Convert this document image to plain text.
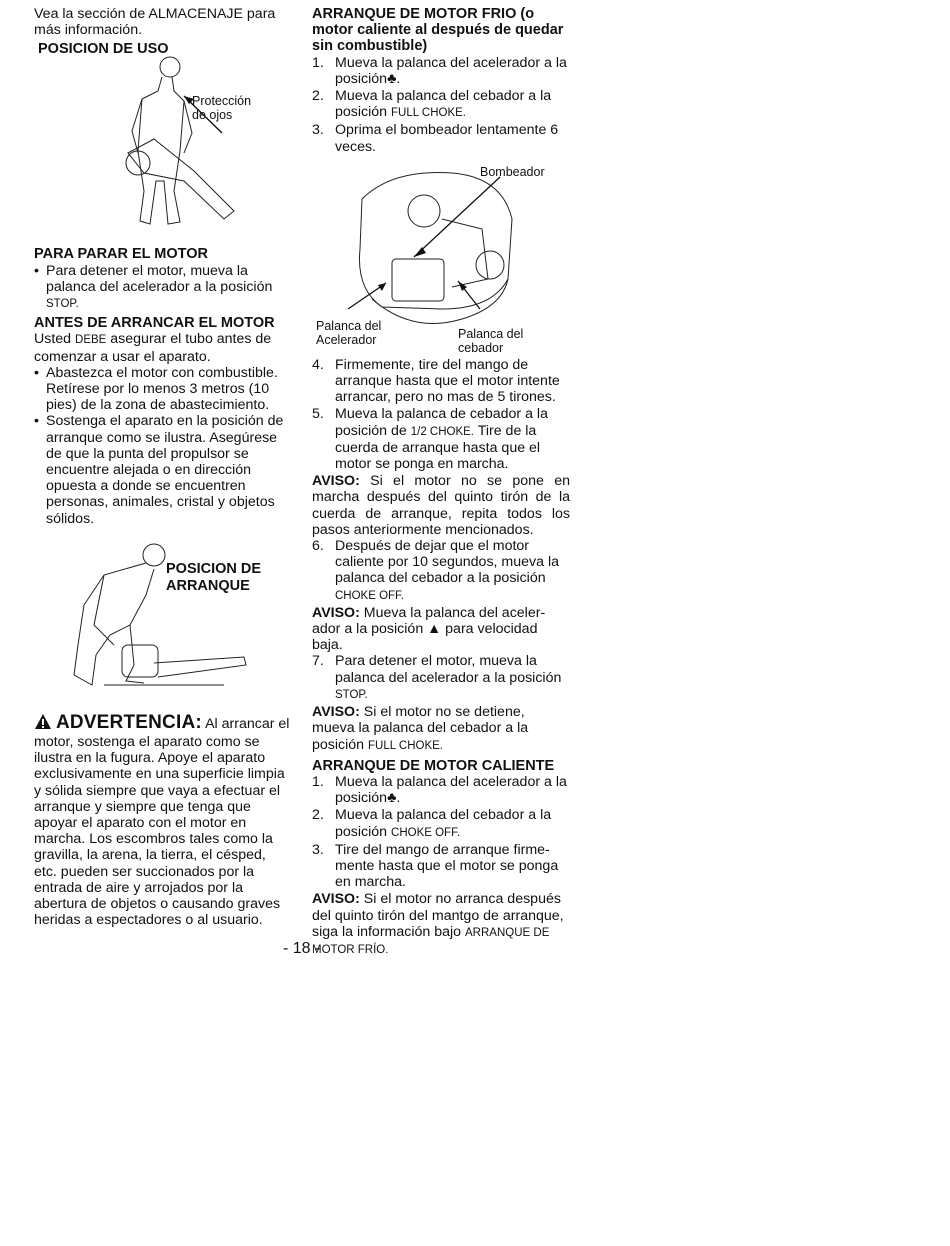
Vea la sección de ALMACENAJE para más información.

POSICION DE USO

Protección de ojos

PARA PARAR EL MOTOR

• Para detener el motor, mueva la palanca del acelerador a la posición STOP.

ANTES DE ARRANCAR EL MOTOR

Usted DEBE asegurar el tubo antes de comenzar a usar el aparato.

• Abastezca el motor con combustible. Retírese por lo menos 3 metros (10 pies) de la zona de abastecimiento.
• Sostenga el aparato en la posición de arranque como se ilustra. Asegúrese de que la punta del propulsor se encuentre alejada o en dirección opuesta a donde se encuentren personas, animales, cristal y objetos sólidos.

POSICION DE

ARRANQUE

ADVERTENCIA: Al arrancar el motor, sostenga el aparato como se ilustra en la fugura. Apoye el aparato exclusivamente en una superficie limpia y sólida siempre que vaya a efectuar el arranque y siempre que tenga que apoyar el aparato con el motor en marcha. Los escombros tales como la gravilla, la arena, la tierra, el césped, etc. pueden ser succionados por la entrada de aire y arrojados por la abertura de objetos o causando graves heridas a espectadores o al usuario.

ARRANQUE DE MOTOR FRIO (o motor caliente al después de quedar sin combustible)

1. Mueva la palanca del acelerador a la posición♣.
2. Mueva la palanca del cebador a la posición FULL CHOKE.
3. Oprima el bombeador lentamente 6 veces.
Bombeador
Palanca del Acelerador	Palanca del cebador
4. Firmemente, tire del mango de arranque hasta que el motor intente arrancar, pero no mas de 5 tirones.
5. Mueva la palanca de cebador a la posición de 1/2 CHOKE. Tire de la cuerda de arranque hasta que el motor se ponga en marcha.

AVISO: Si el motor no se pone en marcha después del quinto tirón de la cuerda de arranque, repita todos los pasos anteriormente mencionados.

6. Después de dejar que el motor caliente por 10 segundos, mueva la palanca del cebador a la posición CHOKE OFF.

AVISO: Mueva la palanca del aceler-ador a la posición ▲ para velocidad baja.

7. Para detener el motor, mueva la palanca del acelerador a la posición STOP.

AVISO: Si el motor no se detiene, mueva la palanca del cebador a la posición FULL CHOKE.

ARRANQUE DE MOTOR CALIENTE

1. Mueva la palanca del acelerador a la posición♣.
2. Mueva la palanca del cebador a la posición CHOKE OFF.
3. Tire del mango de arranque firme-mente hasta que el motor se ponga en marcha.

AVISO: Si el motor no arranca después del quinto tirón del mantgo de arranque, siga la información bajo ARRANQUE DE MOTOR FRÍO.

- 18 -
